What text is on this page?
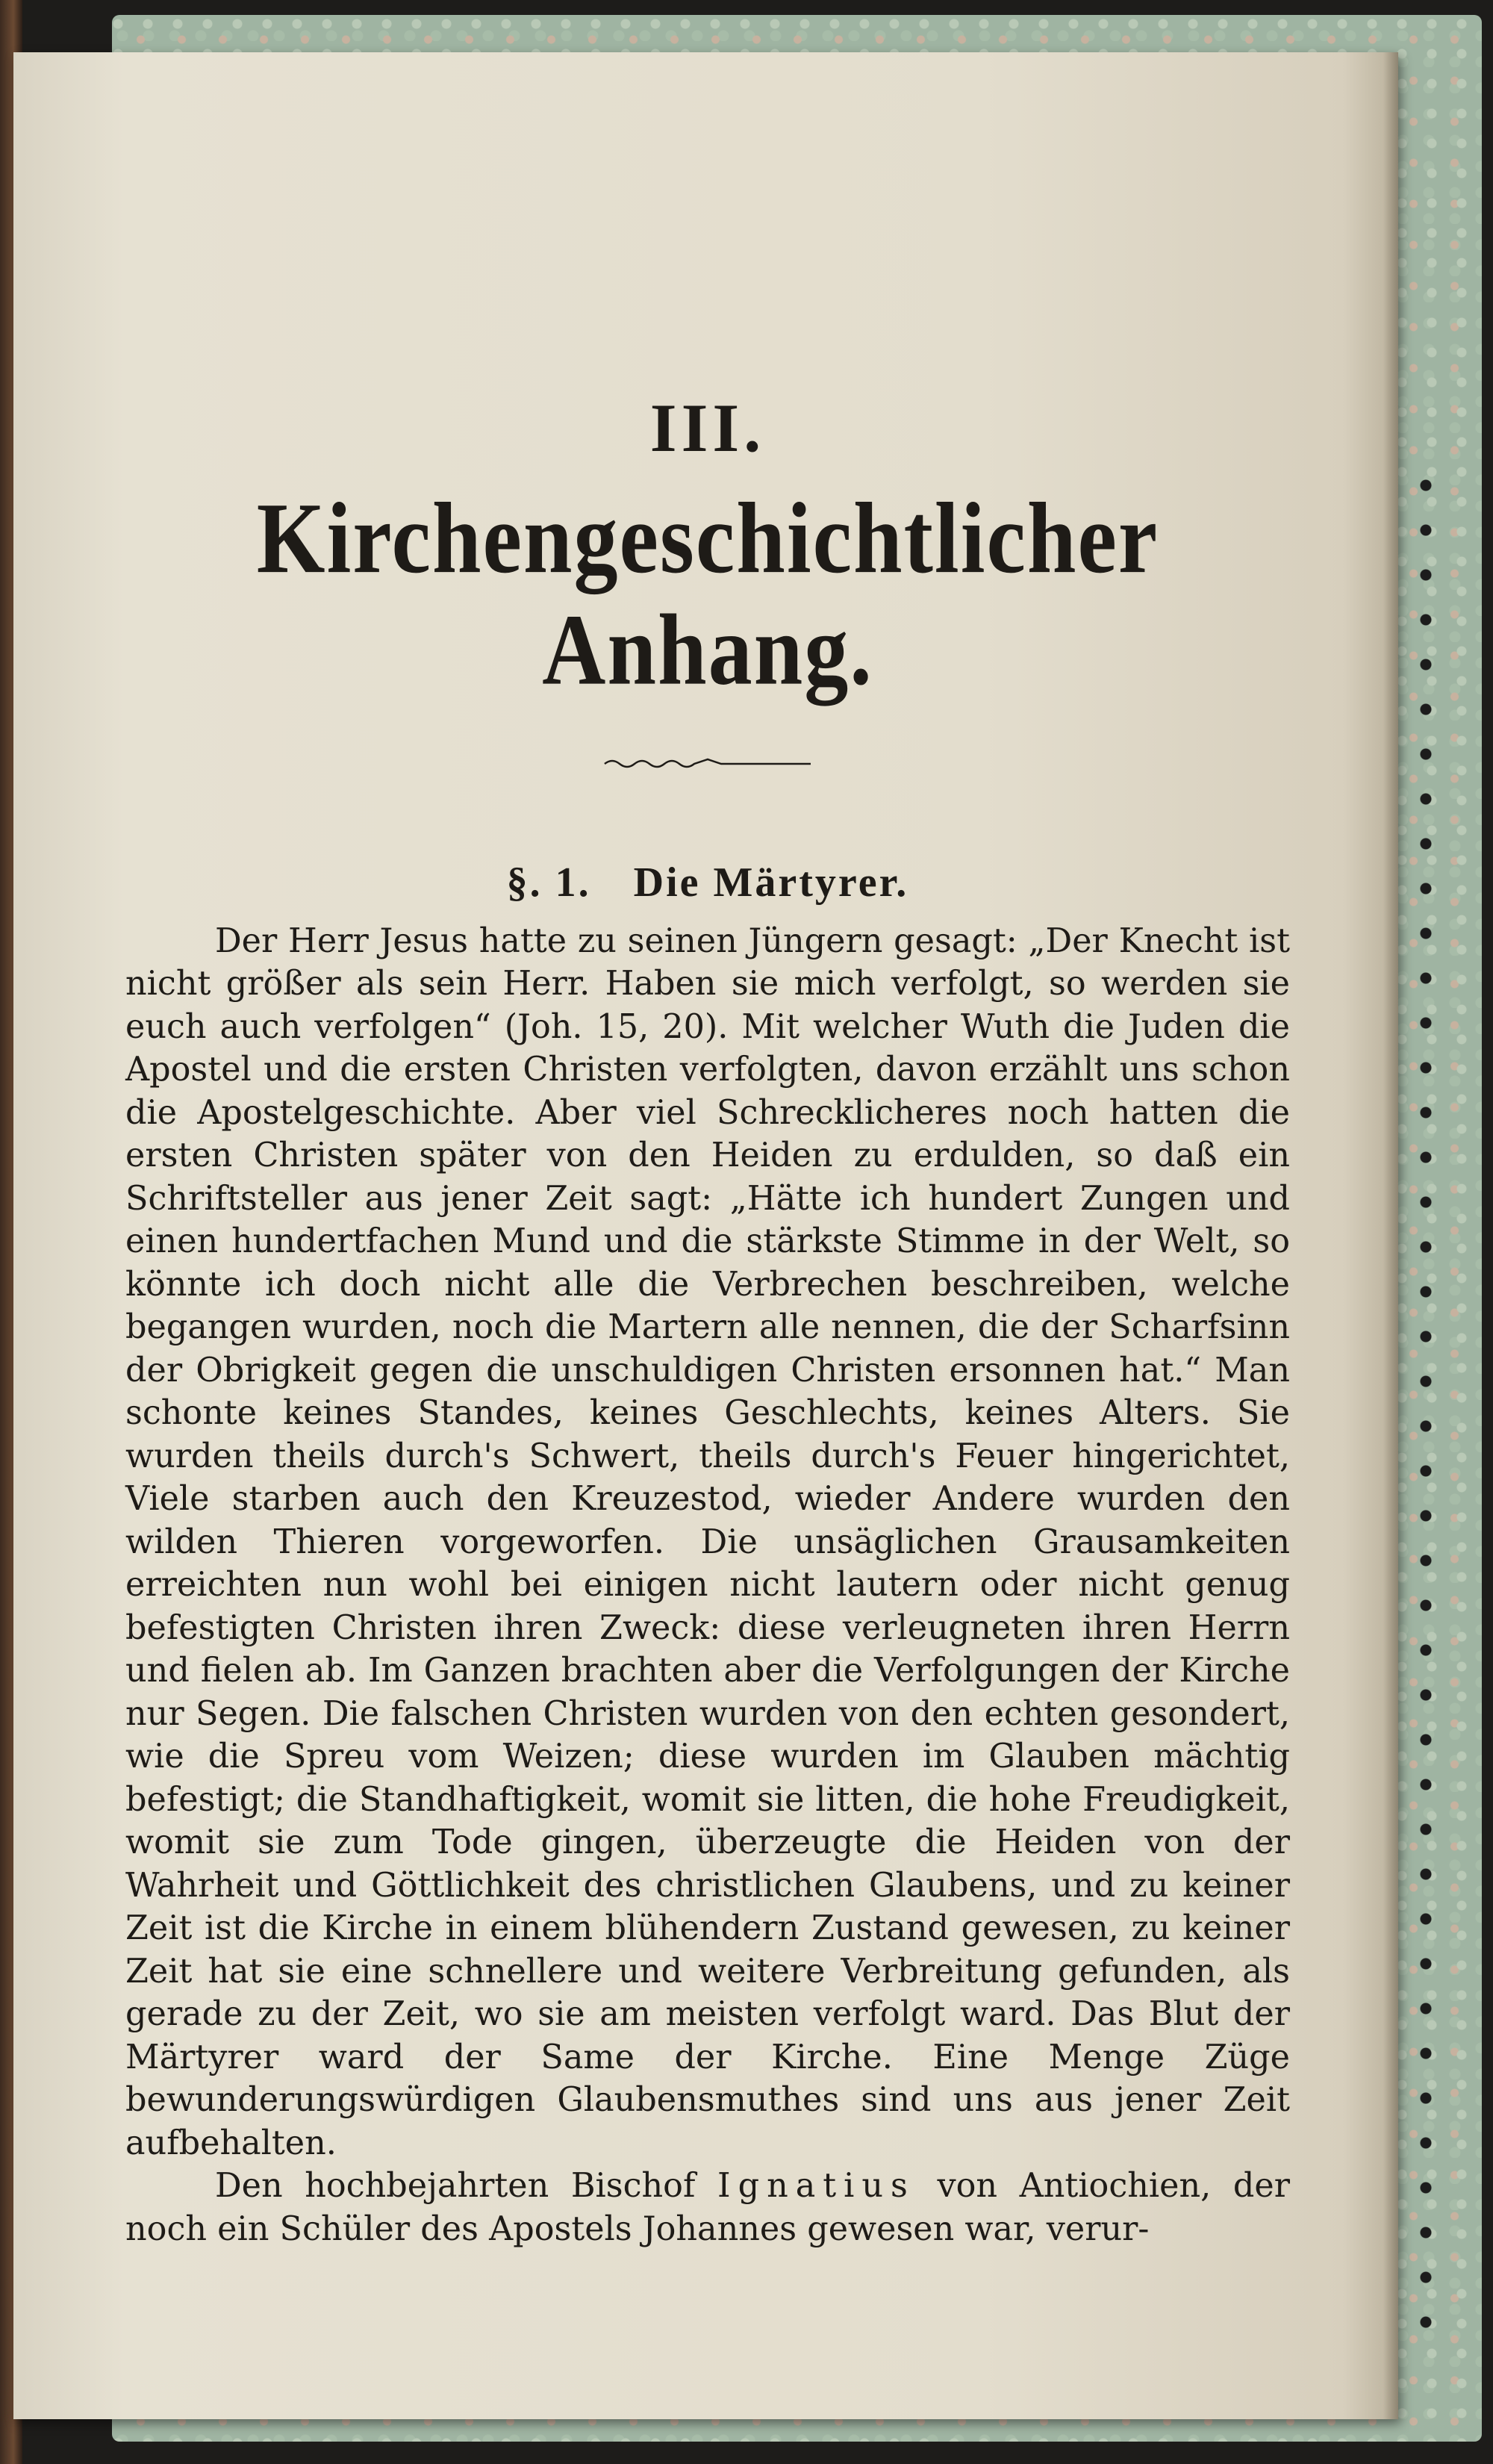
III.
Kirchengeschichtlicher Anhang.
§. 1. Die Märtyrer.

Der Herr Jesus hatte zu seinen Jüngern gesagt: „Der Knecht ist nicht größer als sein Herr. Haben sie mich verfolgt, so werden sie euch auch verfolgen“ (Joh. 15, 20). Mit welcher Wuth die Juden die Apostel und die ersten Christen verfolgten, davon erzählt uns schon die Apostelgeschichte. Aber viel Schrecklicheres noch hatten die ersten Christen später von den Heiden zu erdulden, so daß ein Schriftsteller aus jener Zeit sagt: „Hätte ich hundert Zungen und einen hundertfachen Mund und die stärkste Stimme in der Welt, so könnte ich doch nicht alle die Verbrechen beschreiben, welche begangen wurden, noch die Martern alle nennen, die der Scharfsinn der Obrigkeit gegen die unschuldigen Christen ersonnen hat.“ Man schonte keines Standes, keines Geschlechts, keines Alters. Sie wurden theils durch's Schwert, theils durch's Feuer hingerichtet, Viele starben auch den Kreuzestod, wieder Andere wurden den wilden Thieren vorgeworfen. Die unsäglichen Grausamkeiten erreichten nun wohl bei einigen nicht lautern oder nicht genug befestigten Christen ihren Zweck: diese verleugneten ihren Herrn und fielen ab. Im Ganzen brachten aber die Verfolgungen der Kirche nur Segen. Die falschen Christen wurden von den echten gesondert, wie die Spreu vom Weizen; diese wurden im Glauben mächtig befestigt; die Standhaftigkeit, womit sie litten, die hohe Freudigkeit, womit sie zum Tode gingen, überzeugte die Heiden von der Wahrheit und Göttlichkeit des christlichen Glaubens, und zu keiner Zeit ist die Kirche in einem blühendern Zustand gewesen, zu keiner Zeit hat sie eine schnellere und weitere Verbreitung gefunden, als gerade zu der Zeit, wo sie am meisten verfolgt ward. Das Blut der Märtyrer ward der Same der Kirche. Eine Menge Züge bewunderungswürdigen Glaubensmuthes sind uns aus jener Zeit aufbehalten.

Den hochbejahrten Bischof Ignatius von Antiochien, der noch ein Schüler des Apostels Johannes gewesen war, verur-
